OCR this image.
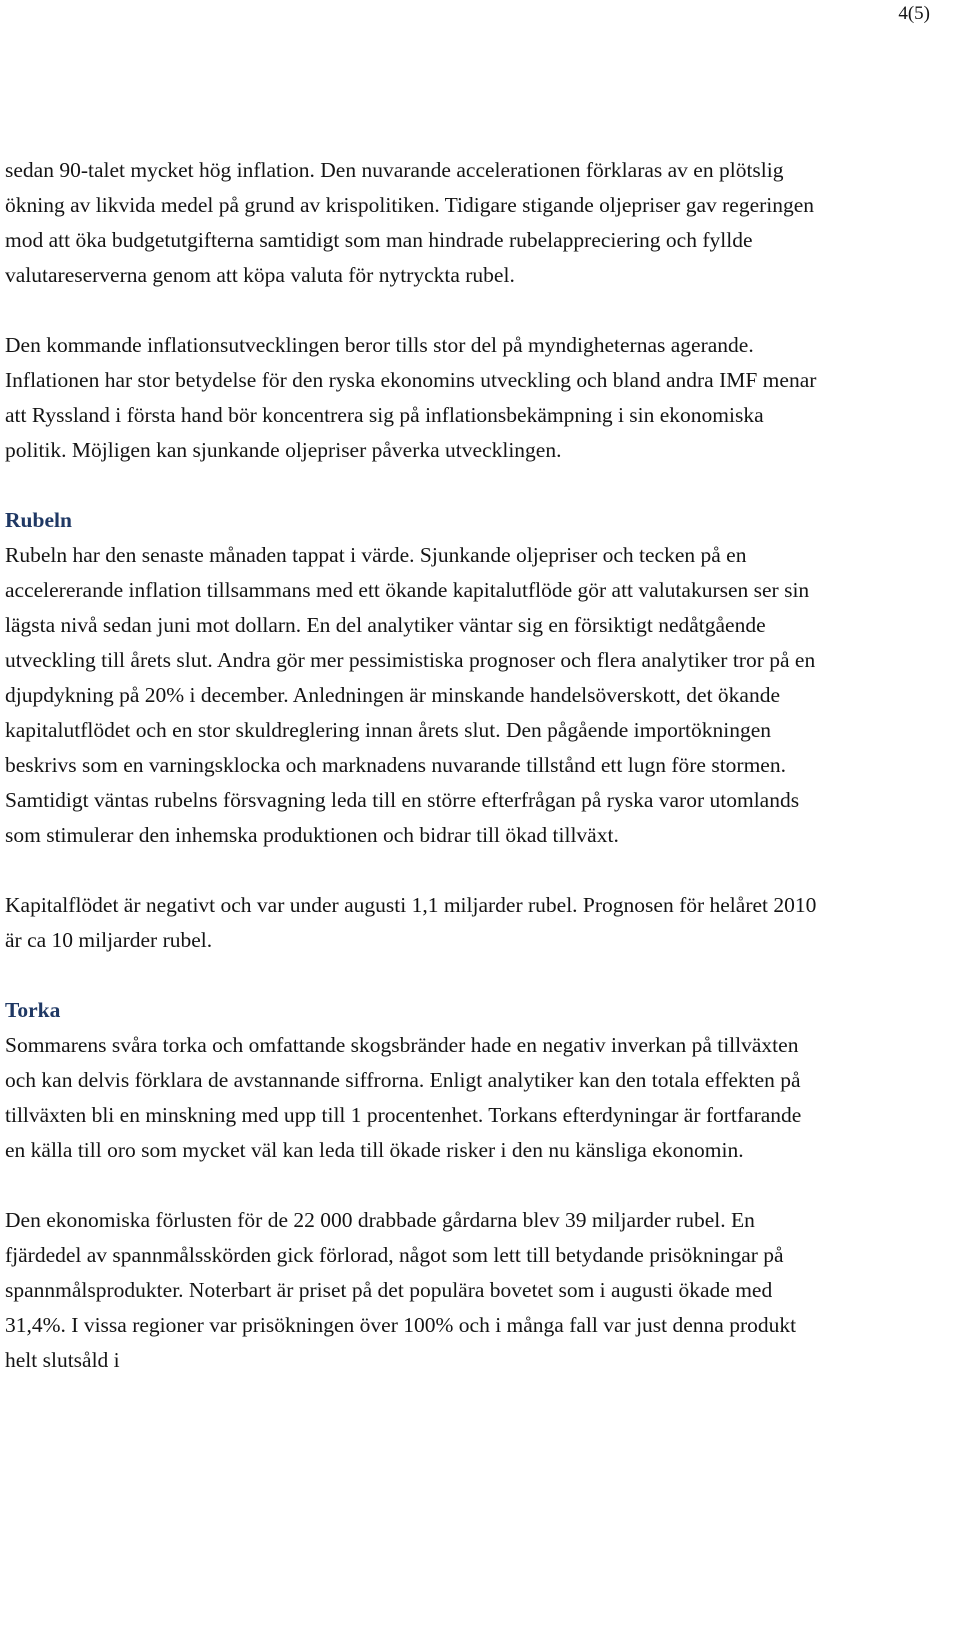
4(5)

sedan 90-talet mycket hög inflation. Den nuvarande accelerationen förklaras av en plötslig ökning av likvida medel på grund av krispolitiken. Tidigare stigande oljepriser gav regeringen mod att öka budgetutgifterna samtidigt som man hindrade rubelappreciering och fyllde valutareserverna genom att köpa valuta för nytryckta rubel.

Den kommande inflationsutvecklingen beror tills stor del på myndigheternas agerande. Inflationen har stor betydelse för den ryska ekonomins utveckling och bland andra IMF menar att Ryssland i första hand bör koncentrera sig på inflationsbekämpning i sin ekonomiska politik. Möjligen kan sjunkande oljepriser påverka utvecklingen.

Rubeln

Rubeln har den senaste månaden tappat i värde. Sjunkande oljepriser och tecken på en accelererande inflation tillsammans med ett ökande kapitalutflöde gör att valutakursen ser sin lägsta nivå sedan juni mot dollarn. En del analytiker väntar sig en försiktigt nedåtgående utveckling till årets slut. Andra gör mer pessimistiska prognoser och flera analytiker tror på en djupdykning på 20% i december. Anledningen är minskande handelsöverskott, det ökande kapitalutflödet och en stor skuldreglering innan årets slut. Den pågående importökningen beskrivs som en varningsklocka och marknadens nuvarande tillstånd ett lugn före stormen. Samtidigt väntas rubelns försvagning leda till en större efterfrågan på ryska varor utomlands som stimulerar den inhemska produktionen och bidrar till ökad tillväxt.

Kapitalflödet är negativt och var under augusti 1,1 miljarder rubel. Prognosen för helåret 2010 är ca 10 miljarder rubel.

Torka

Sommarens svåra torka och omfattande skogsbränder hade en negativ inverkan på tillväxten och kan delvis förklara de avstannande siffrorna. Enligt analytiker kan den totala effekten på tillväxten bli en minskning med upp till 1 procentenhet. Torkans efterdyningar är fortfarande en källa till oro som mycket väl kan leda till ökade risker i den nu känsliga ekonomin.

Den ekonomiska förlusten för de 22 000 drabbade gårdarna blev 39 miljarder rubel. En fjärdedel av spannmålsskörden gick förlorad, något som lett till betydande prisökningar på spannmålsprodukter. Noterbart är priset på det populära bovetet som i augusti ökade med 31,4%. I vissa regioner var prisökningen över 100% och i många fall var just denna produkt helt slutsåld i
